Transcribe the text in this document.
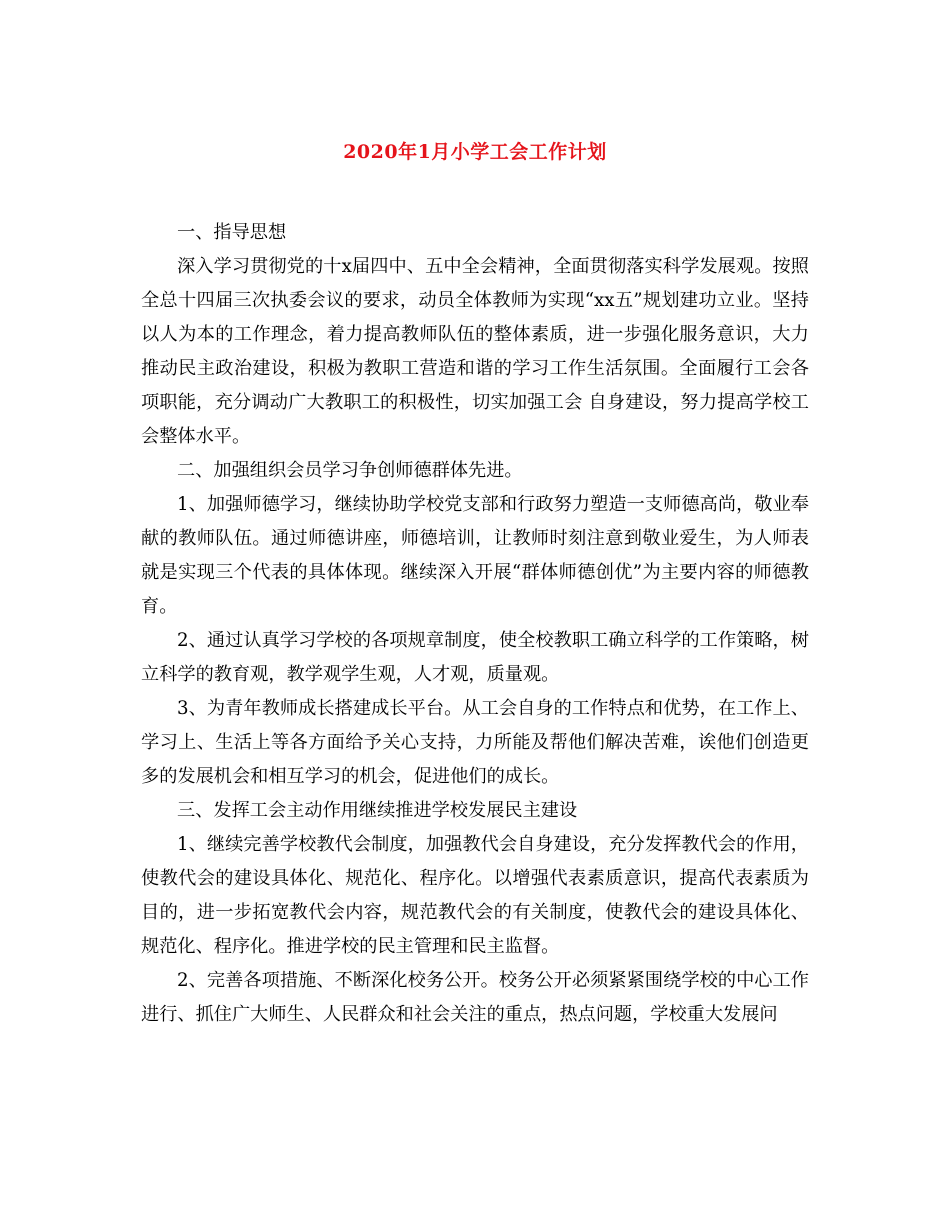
2020年1月小学工会工作计划

一、指导思想

深入学习贯彻党的十x届四中、五中全会精神，全面贯彻落实科学发展观。按照全总十四届三次执委会议的要求，动员全体教师为实现“xx五”规划建功立业。坚持以人为本的工作理念，着力提高教师队伍的整体素质，进一步强化服务意识，大力推动民主政治建设，积极为教职工营造和谐的学习工作生活氛围。全面履行工会各项职能，充分调动广大教职工的积极性，切实加强工会 自身建设，努力提高学校工会整体水平。

二、加强组织会员学习争创师德群体先进。

1、加强师德学习，继续协助学校党支部和行政努力塑造一支师德高尚，敬业奉献的教师队伍。通过师德讲座，师德培训，让教师时刻注意到敬业爱生，为人师表就是实现三个代表的具体体现。继续深入开展“群体师德创优”为主要内容的师德教育。

2、通过认真学习学校的各项规章制度，使全校教职工确立科学的工作策略，树立科学的教育观，教学观学生观，人才观，质量观。

3、为青年教师成长搭建成长平台。从工会自身的工作特点和优势，在工作上、学习上、生活上等各方面给予关心支持，力所能及帮他们解决苦难，诶他们创造更多的发展机会和相互学习的机会，促进他们的成长。

三、发挥工会主动作用继续推进学校发展民主建设

1、继续完善学校教代会制度，加强教代会自身建设，充分发挥教代会的作用，使教代会的建设具体化、规范化、程序化。以增强代表素质意识，提高代表素质为目的，进一步拓宽教代会内容，规范教代会的有关制度，使教代会的建设具体化、规范化、程序化。推进学校的民主管理和民主监督。

2、完善各项措施、不断深化校务公开。校务公开必须紧紧围绕学校的中心工作进行、抓住广大师生、人民群众和社会关注的重点，热点问题，学校重大发展问
